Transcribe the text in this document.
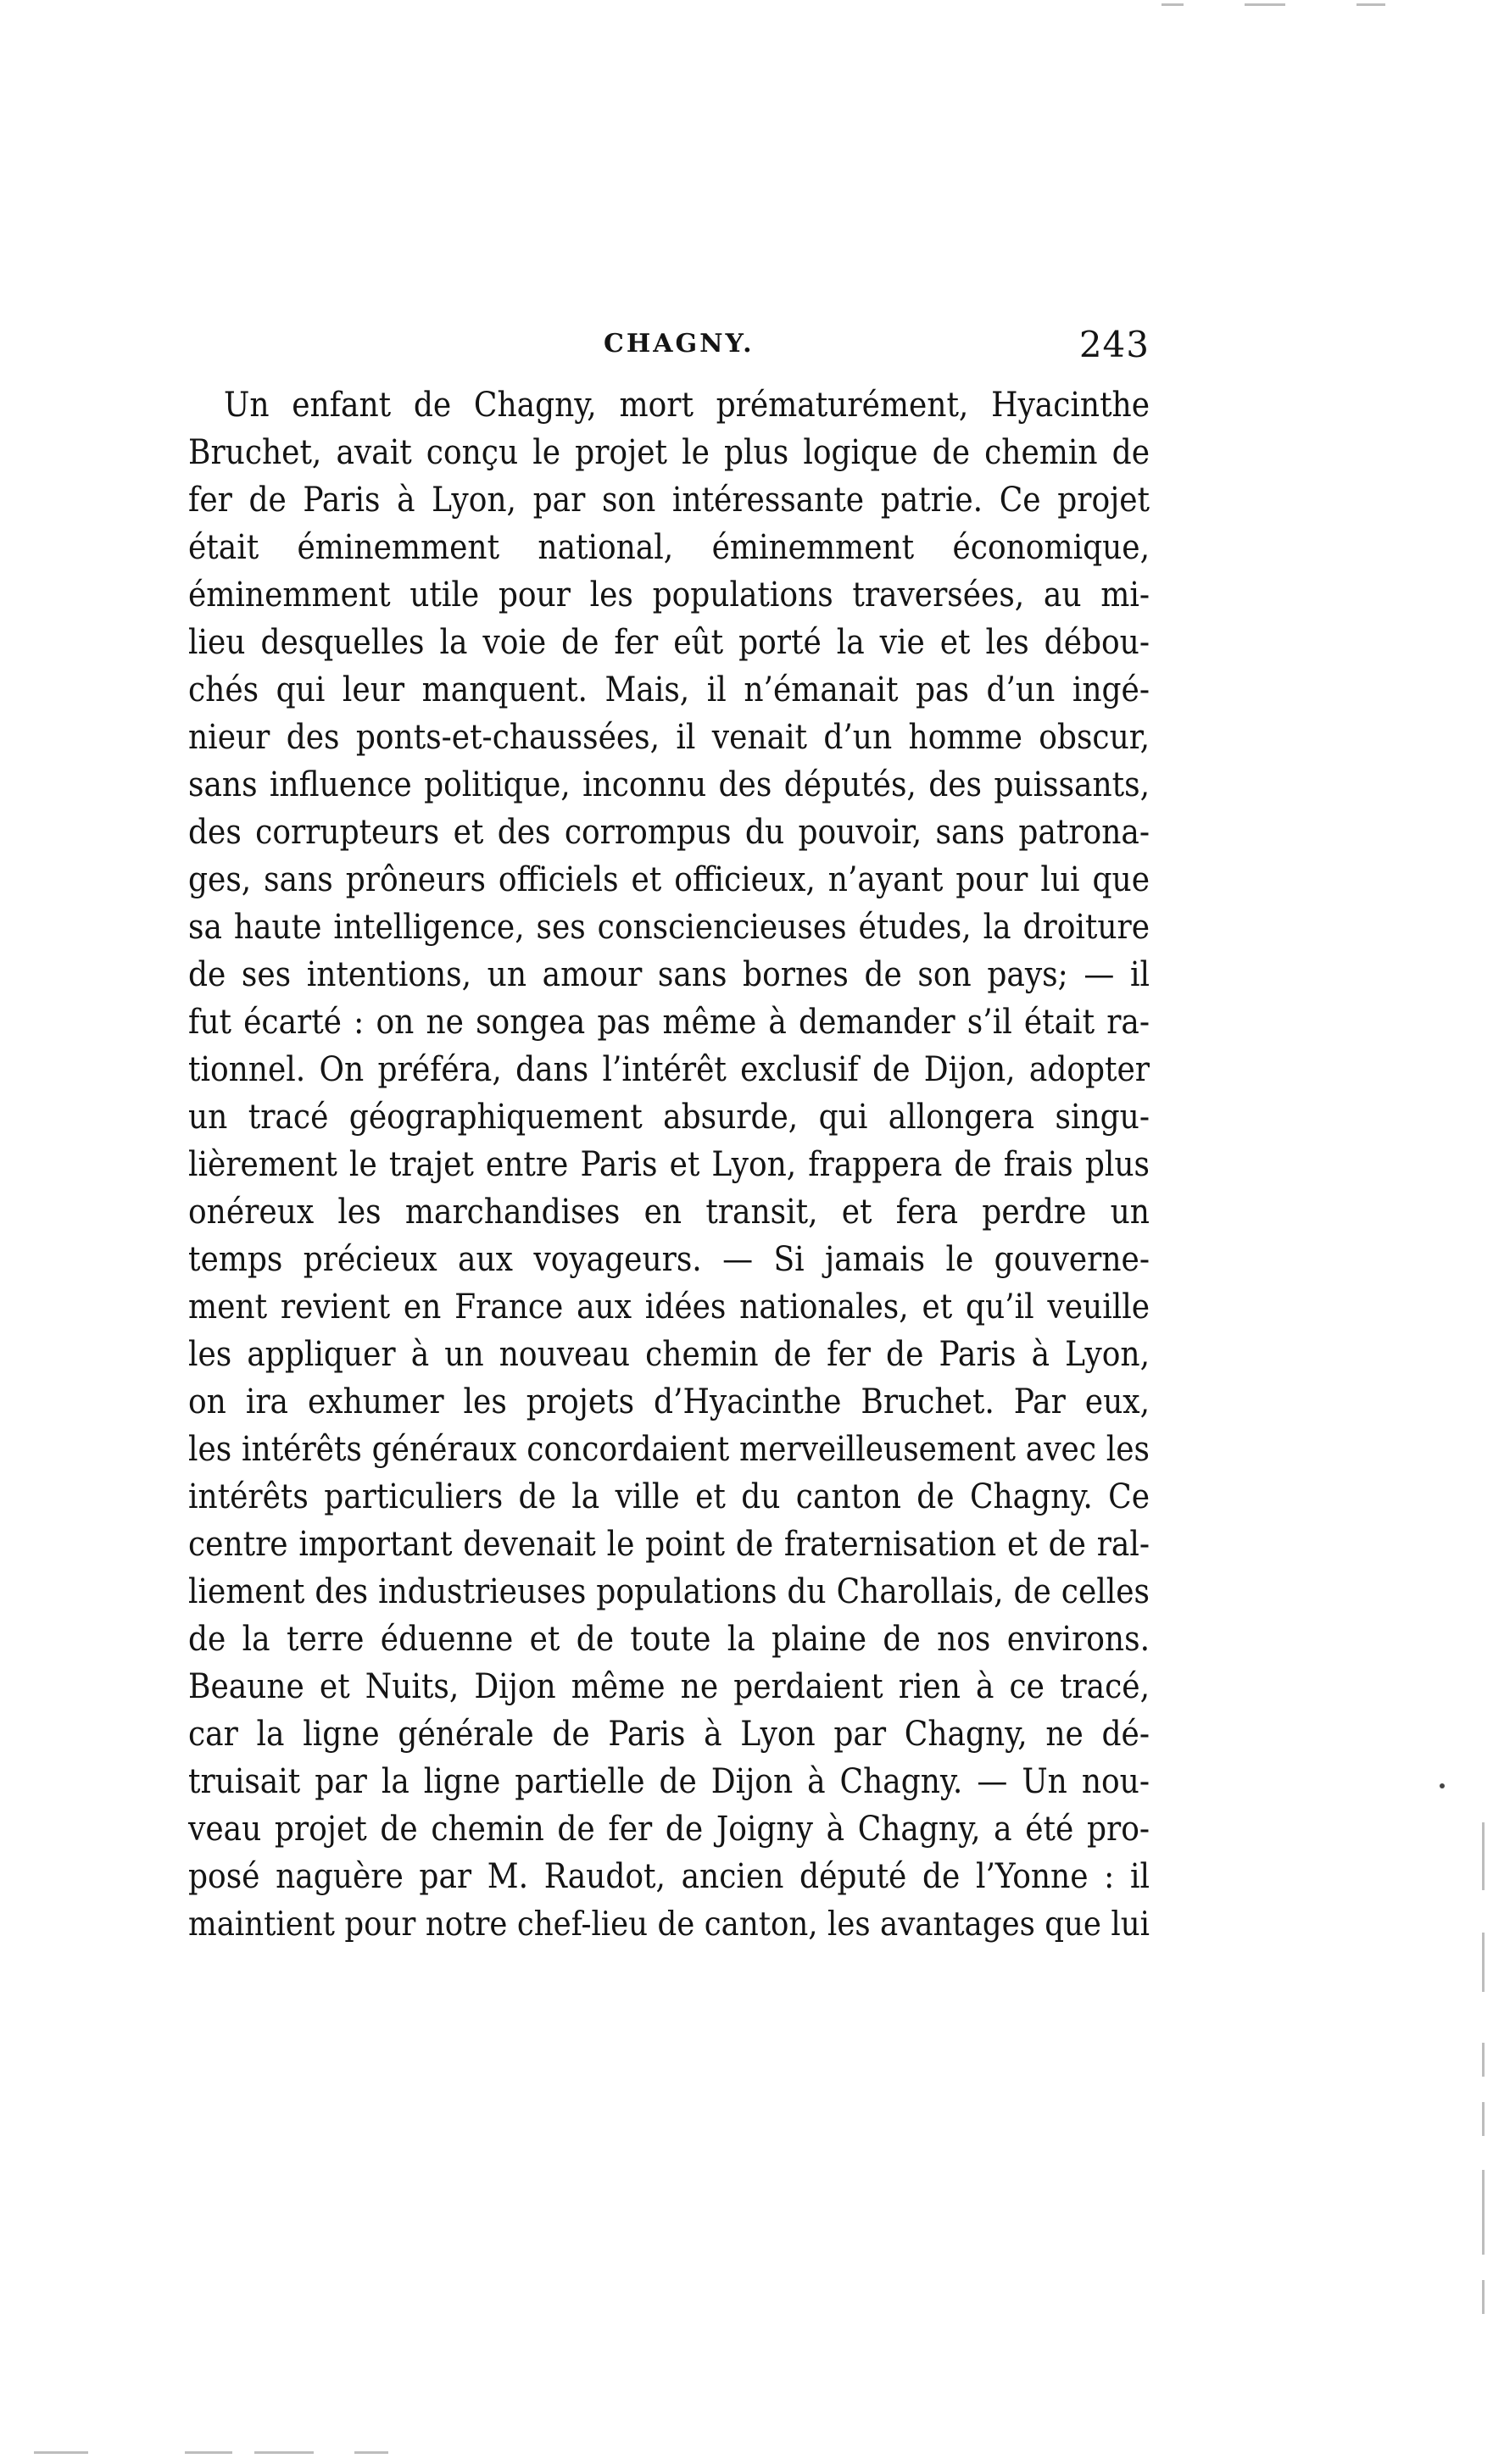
CHAGNY.	243
Un enfant de Chagny, mort prématurément, Hyacinthe
Bruchet, avait conçu le projet le plus logique de chemin de
fer de Paris à Lyon, par son intéressante patrie. Ce projet
était éminemment national, éminemment économique,
éminemment utile pour les populations traversées, au mi-
lieu desquelles la voie de fer eût porté la vie et les débou-
chés qui leur manquent. Mais, il n’émanait pas d’un ingé-
nieur des ponts-et-chaussées, il venait d’un homme obscur,
sans influence politique, inconnu des députés, des puissants,
des corrupteurs et des corrompus du pouvoir, sans patrona-
ges, sans prôneurs officiels et officieux, n’ayant pour lui que
sa haute intelligence, ses consciencieuses études, la droiture
de ses intentions, un amour sans bornes de son pays; — il
fut écarté : on ne songea pas même à demander s’il était ra-
tionnel. On préféra, dans l’intérêt exclusif de Dijon, adopter
un tracé géographiquement absurde, qui allongera singu-
lièrement le trajet entre Paris et Lyon, frappera de frais plus
onéreux les marchandises en transit, et fera perdre un
temps précieux aux voyageurs. — Si jamais le gouverne-
ment revient en France aux idées nationales, et qu’il veuille
les appliquer à un nouveau chemin de fer de Paris à Lyon,
on ira exhumer les projets d’Hyacinthe Bruchet. Par eux,
les intérêts généraux concordaient merveilleusement avec les
intérêts particuliers de la ville et du canton de Chagny. Ce
centre important devenait le point de fraternisation et de ral-
liement des industrieuses populations du Charollais, de celles
de la terre éduenne et de toute la plaine de nos environs.
Beaune et Nuits, Dijon même ne perdaient rien à ce tracé,
car la ligne générale de Paris à Lyon par Chagny, ne dé-
truisait par la ligne partielle de Dijon à Chagny. — Un nou-
veau projet de chemin de fer de Joigny à Chagny, a été pro-
posé naguère par M. Raudot, ancien député de l’Yonne : il
maintient pour notre chef-lieu de canton, les avantages que lui
